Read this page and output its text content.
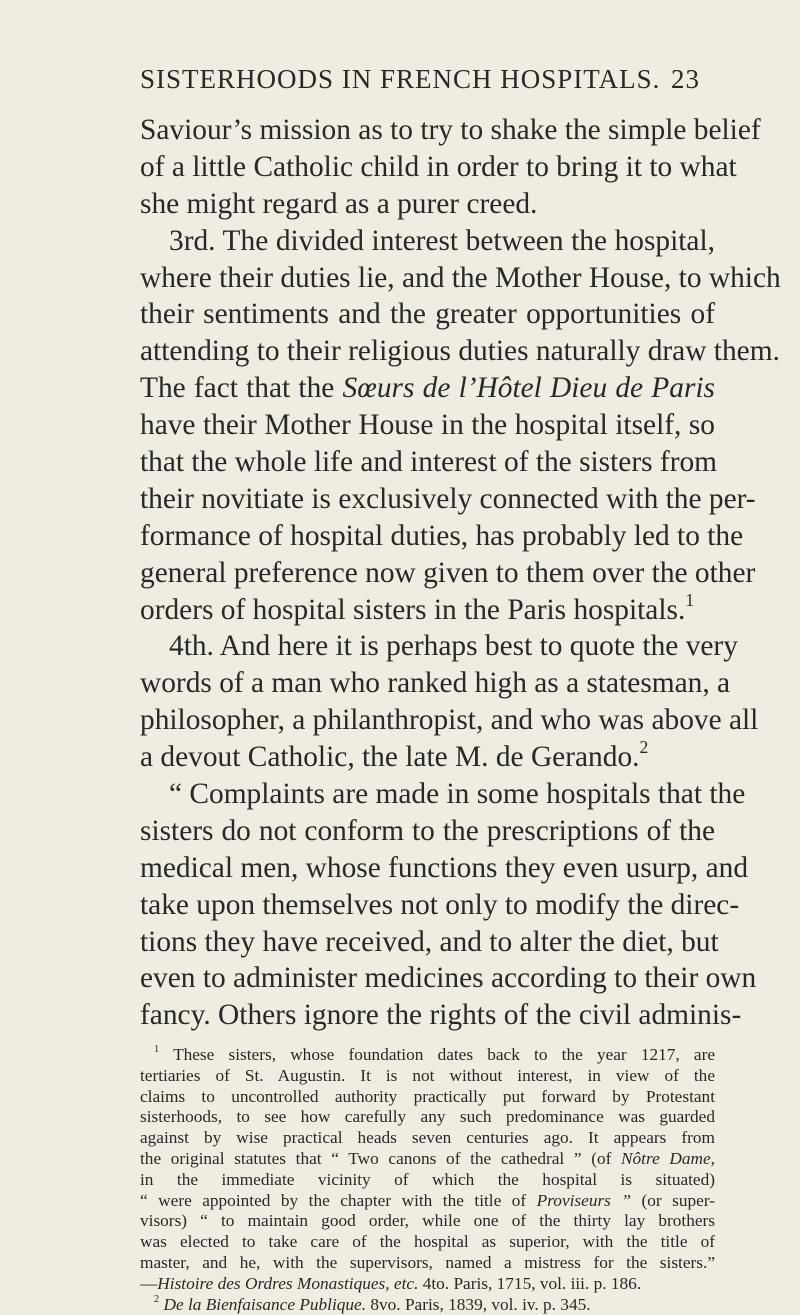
SISTERHOODS IN FRENCH HOSPITALS. 23
Saviour’s mission as to try to shake the simple belief
of a little Catholic child in order to bring it to what
she might regard as a purer creed.
3rd. The divided interest between the hospital,
where their duties lie, and the Mother House, to which
their sentiments and the greater opportunities of
attending to their religious duties naturally draw them.
The fact that the Sœurs de l’Hôtel Dieu de Paris
have their Mother House in the hospital itself, so
that the whole life and interest of the sisters from
their novitiate is exclusively connected with the per-
formance of hospital duties, has probably led to the
general preference now given to them over the other
orders of hospital sisters in the Paris hospitals.$^1$
4th. And here it is perhaps best to quote the very
words of a man who ranked high as a statesman, a
philosopher, a philanthropist, and who was above all
a devout Catholic, the late M. de Gerando.$^2$
“ Complaints are made in some hospitals that the
sisters do not conform to the prescriptions of the
medical men, whose functions they even usurp, and
take upon themselves not only to modify the direc-
tions they have received, and to alter the diet, but
even to administer medicines according to their own
fancy. Others ignore the rights of the civil adminis-
$^1$ These sisters, whose foundation dates back to the year 1217, are
tertiaries of St. Augustin. It is not without interest, in view of the
claims to uncontrolled authority practically put forward by Protestant
sisterhoods, to see how carefully any such predominance was guarded
against by wise practical heads seven centuries ago. It appears from
the original statutes that “ Two canons of the cathedral ” (of Nôtre Dame,
in the immediate vicinity of which the hospital is situated)
“ were appointed by the chapter with the title of Proviseurs ” (or super-
visors) “ to maintain good order, while one of the thirty lay brothers
was elected to take care of the hospital as superior, with the title of
master, and he, with the supervisors, named a mistress for the sisters.”
—Histoire des Ordres Monastiques, etc. 4to. Paris, 1715, vol. iii. p. 186.
$^2$ De la Bienfaisance Publique. 8vo. Paris, 1839, vol. iv. p. 345.
